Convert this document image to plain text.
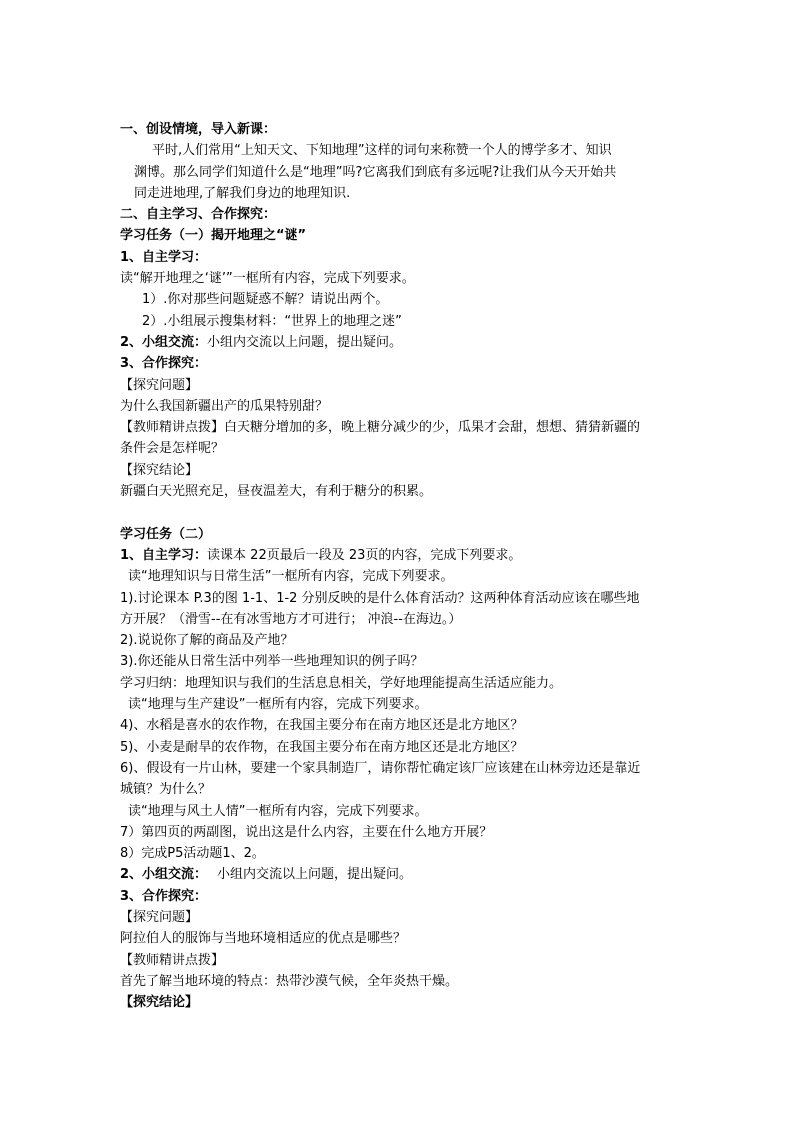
一、创设情境，导入新课：
平时,人们常用“上知天文、下知地理”这样的词句来称赞一个人的博学多才、知识
渊博。那么同学们知道什么是“地理”吗?它离我们到底有多远呢?让我们从今天开始共
同走进地理,了解我们身边的地理知识.
二、自主学习、合作探究：
学习任务（一）揭开地理之“谜”
1、自主学习：
读“解开地理之‘谜’”一框所有内容，完成下列要求。
1）.你对那些问题疑惑不解？请说出两个。
2）.小组展示搜集材料：“世界上的地理之迷”
2、小组交流：小组内交流以上问题，提出疑问。
3、合作探究：
【探究问题】
为什么我国新疆出产的瓜果特别甜？
【教师精讲点拨】白天糖分增加的多，晚上糖分减少的少，瓜果才会甜，想想、猜猜新疆的
条件会是怎样呢？
【探究结论】
新疆白天光照充足，昼夜温差大，有利于糖分的积累。
学习任务（二）
1、自主学习：读课本 22页最后一段及 23页的内容，完成下列要求。
读“地理知识与日常生活”一框所有内容，完成下列要求。
1).讨论课本 P.3的图 1-1、1-2 分别反映的是什么体育活动？这两种体育活动应该在哪些地
方开展？（滑雪--在有冰雪地方才可进行； 冲浪--在海边。）
2).说说你了解的商品及产地？
3).你还能从日常生活中列举一些地理知识的例子吗？
学习归纳：地理知识与我们的生活息息相关，学好地理能提高生活适应能力。
读“地理与生产建设”一框所有内容，完成下列要求。
4)、水稻是喜水的农作物，在我国主要分布在南方地区还是北方地区？
5)、小麦是耐旱的农作物，在我国主要分布在南方地区还是北方地区？
6)、假设有一片山林，要建一个家具制造厂，请你帮忙确定该厂应该建在山林旁边还是靠近
城镇？为什么？
读“地理与风土人情”一框所有内容，完成下列要求。
7）第四页的两副图，说出这是什么内容，主要在什么地方开展？
8）完成P5活动题1、2。
2、小组交流： 小组内交流以上问题，提出疑问。
3、合作探究：
【探究问题】
阿拉伯人的服饰与当地环境相适应的优点是哪些？
【教师精讲点拨】
首先了解当地环境的特点：热带沙漠气候，全年炎热干燥。
【探究结论】
